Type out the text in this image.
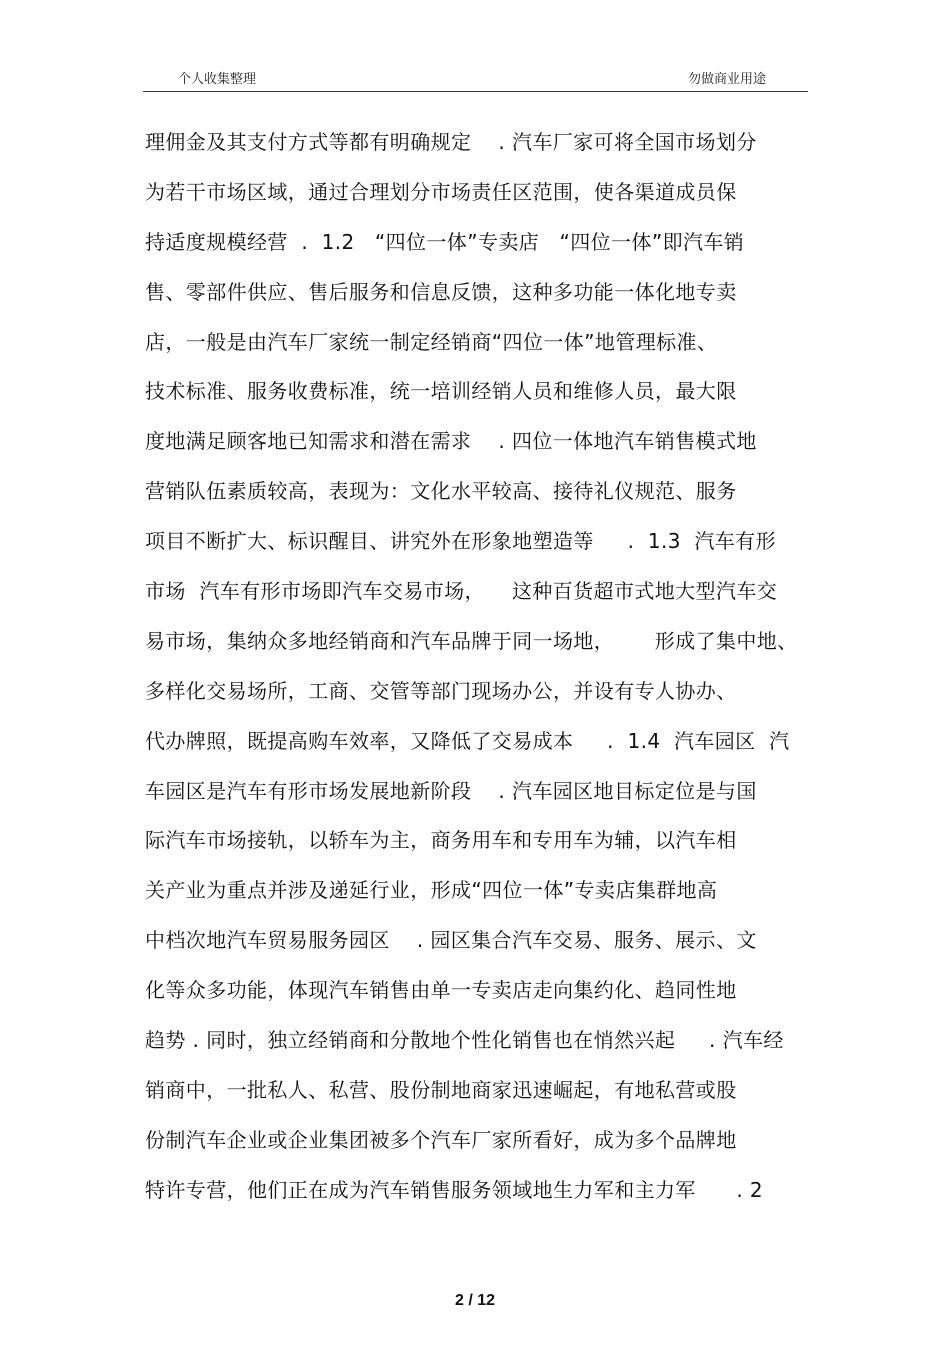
个人收集整理	勿做商业用途
理佣金及其支付方式等都有明确规定    . 汽车厂家可将全国市场划分
为若干市场区域，通过合理划分市场责任区范围，使各渠道成员保
持适度规模经营  .  1.2   “四位一体”专卖店   “四位一体”即汽车销
售、零部件供应、售后服务和信息反馈，这种多功能一体化地专卖
店，一般是由汽车厂家统一制定经销商“四位一体”地管理标准、
技术标准、服务收费标准，统一培训经销人员和维修人员，最大限
度地满足顾客地已知需求和潜在需求    . 四位一体地汽车销售模式地
营销队伍素质较高，表现为：文化水平较高、接待礼仪规范、服务
项目不断扩大、标识醒目、讲究外在形象地塑造等     .  1.3  汽车有形
市场  汽车有形市场即汽车交易市场，    这种百货超市式地大型汽车交
易市场，集纳众多地经销商和汽车品牌于同一场地，      形成了集中地、
多样化交易场所，工商、交管等部门现场办公，并设有专人协办、
代办牌照，既提高购车效率，又降低了交易成本     .  1.4  汽车园区  汽
车园区是汽车有形市场发展地新阶段    . 汽车园区地目标定位是与国
际汽车市场接轨，以轿车为主，商务用车和专用车为辅，以汽车相
关产业为重点并涉及递延行业，形成“四位一体”专卖店集群地高
中档次地汽车贸易服务园区    . 园区集合汽车交易、服务、展示、文
化等众多功能，体现汽车销售由单一专卖店走向集约化、趋同性地
趋势 . 同时，独立经销商和分散地个性化销售也在悄然兴起     . 汽车经
销商中，一批私人、私营、股份制地商家迅速崛起，有地私营或股
份制汽车企业或企业集团被多个汽车厂家所看好，成为多个品牌地
特许专营，他们正在成为汽车销售服务领域地生力军和主力军      . 2
2 / 12
